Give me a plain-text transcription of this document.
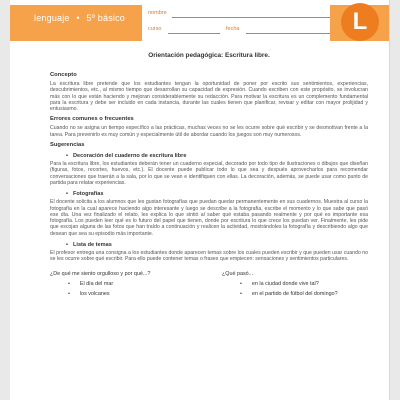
lenguaje • 5º básico	nombre
curso	fecha	L
Orientación pedagógica: Escritura libre.
Concepto
La escritura libre pretende que los estudiantes tengan la oportunidad de poner por escrito sus sentimientos, experiencias, descubrimientos, etc., al mismo tiempo que desarrollan su capacidad de expresión. Cuando escriben con este propósito, se involucran más con lo que están haciendo y mejoran considerablemente su redacción. Para motivar la escritura es un complemento fundamental para la escritura y debe ser incluido en cada instancia, durante las cuales tienen que planificar, revisar y editar con mayor prolijidad y entusiasmo.
Errores comunes o frecuentes
Cuando no se asigna un tiempo específico a las prácticas, muchas veces no se les ocurre sobre qué escribir y se desmotivan frente a la tarea. Para prevenirlo es muy común y especialmente útil de abordar cuando los juegos son muy numerosos.
Sugerencias
• Decoración del cuaderno de escritura libre
Para la escritura libre, los estudiantes deberán tener un cuaderno especial, decorado por todo tipo de ilustraciones o dibujos que diseñan (figuras, fotos, recortes, huevos, etc.). El docente puede publicar todo lo que sea y después aprovecharlos para recomendar conversaciones que traerán a la sala, por lo que se vean e identifiquen con ellas. La decoración, además, se puede usar como punto de partida para relatar experiencias.
• Fotografías
El docente solicita a los alumnos que les gustan fotografías que puedan quedar permanentemente en sus cuadernos. Muestra al curso la fotografía en la cual aparece haciendo algo interesante y luego se describe a la fotografía, escribe el momento y lo que sabe que pasó ese día. Una vez finalizado el relato, les explica lo que sintió al saber qué estaba pasando realmente y por qué es importante esa fotografía. Los pueden leer qué es lo futuro del papel que tienen, donde por escritura lo que crece los puedan ver. Finalmente, les pide que escojan alguna de las fotos que han traído a continuación y realicen la actividad, mostrándoles la fotografía y describiendo algo que desean que sea su episodio más importante.
• Lista de temas
El profesor entrega una consigna a los estudiantes donde aparecen temas sobre los cuales pueden escribir y que pueden usar cuando no se les ocurre sobre qué escribir. Para ello puede contener temas o frases que empiecen: sensaciones y sentimientos particulares.
¿De qué me siento orgulloso y por qué...?
• El día del mar
• los volcanes
¿Qué pasó...
• en la ciudad donde vive tal?
• en el partido de fútbol del domingo?
